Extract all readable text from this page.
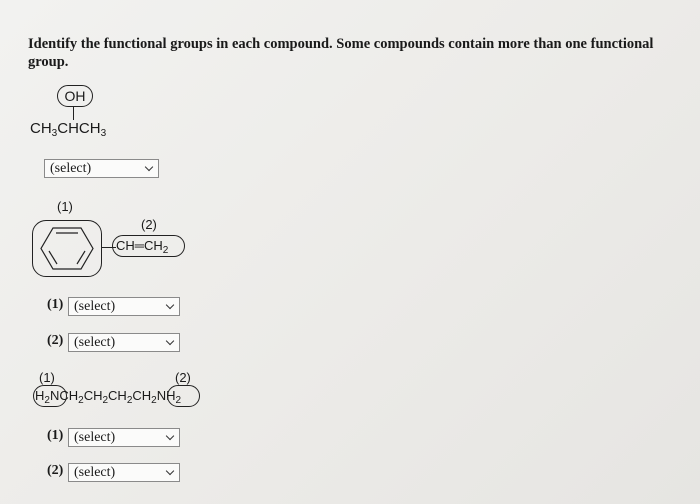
Identify the functional groups in each compound. Some compounds contain more than one functional group.
OH
$CH_3CHCH_3$
(select)
(1)
(2)
$CH═CH_2$
(1) (select)
(2) (select)
(1)	(2)
$H_2NCH_2CH_2CH_2CH_2NH_2$
(1) (select)
(2) (select)
